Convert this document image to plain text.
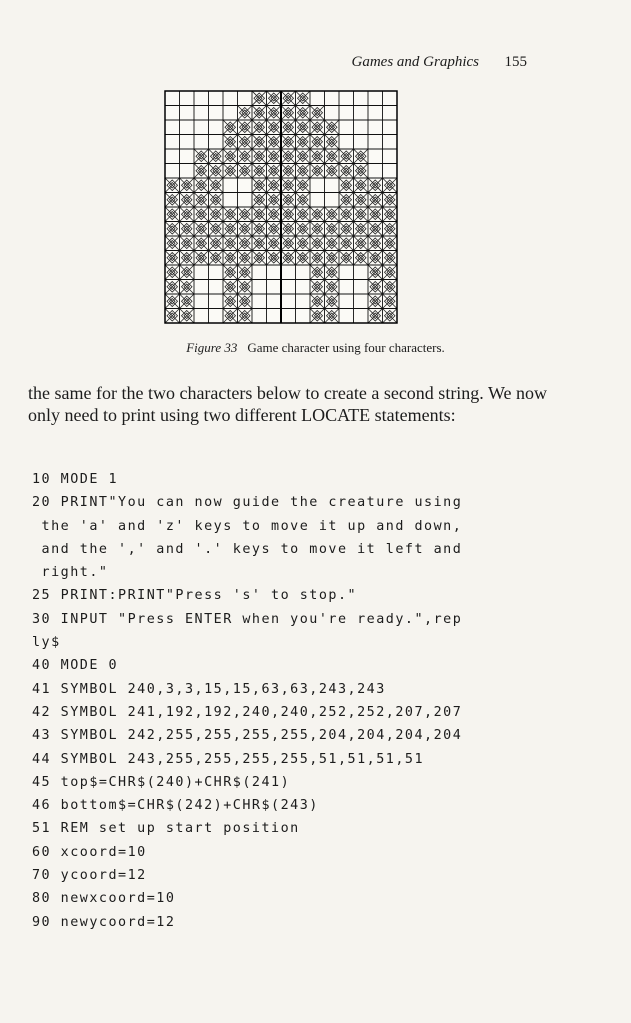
Games and Graphics 155
Figure 33 Game character using four characters.
the same for the two characters below to create a second string. We now only need to print using two different LOCATE statements:
10 MODE 1
20 PRINT"You can now guide the creature using
the 'a' and 'z' keys to move it up and down,
and the ',' and '.' keys to move it left and
right."
25 PRINT:PRINT"Press 's' to stop."
30 INPUT "Press ENTER when you're ready.",rep
ly$
40 MODE 0
41 SYMBOL 240,3,3,15,15,63,63,243,243
42 SYMBOL 241,192,192,240,240,252,252,207,207
43 SYMBOL 242,255,255,255,255,204,204,204,204
44 SYMBOL 243,255,255,255,255,51,51,51,51
45 top$=CHR$(240)+CHR$(241)
46 bottom$=CHR$(242)+CHR$(243)
51 REM set up start position
60 xcoord=10
70 ycoord=12
80 newxcoord=10
90 newycoord=12
